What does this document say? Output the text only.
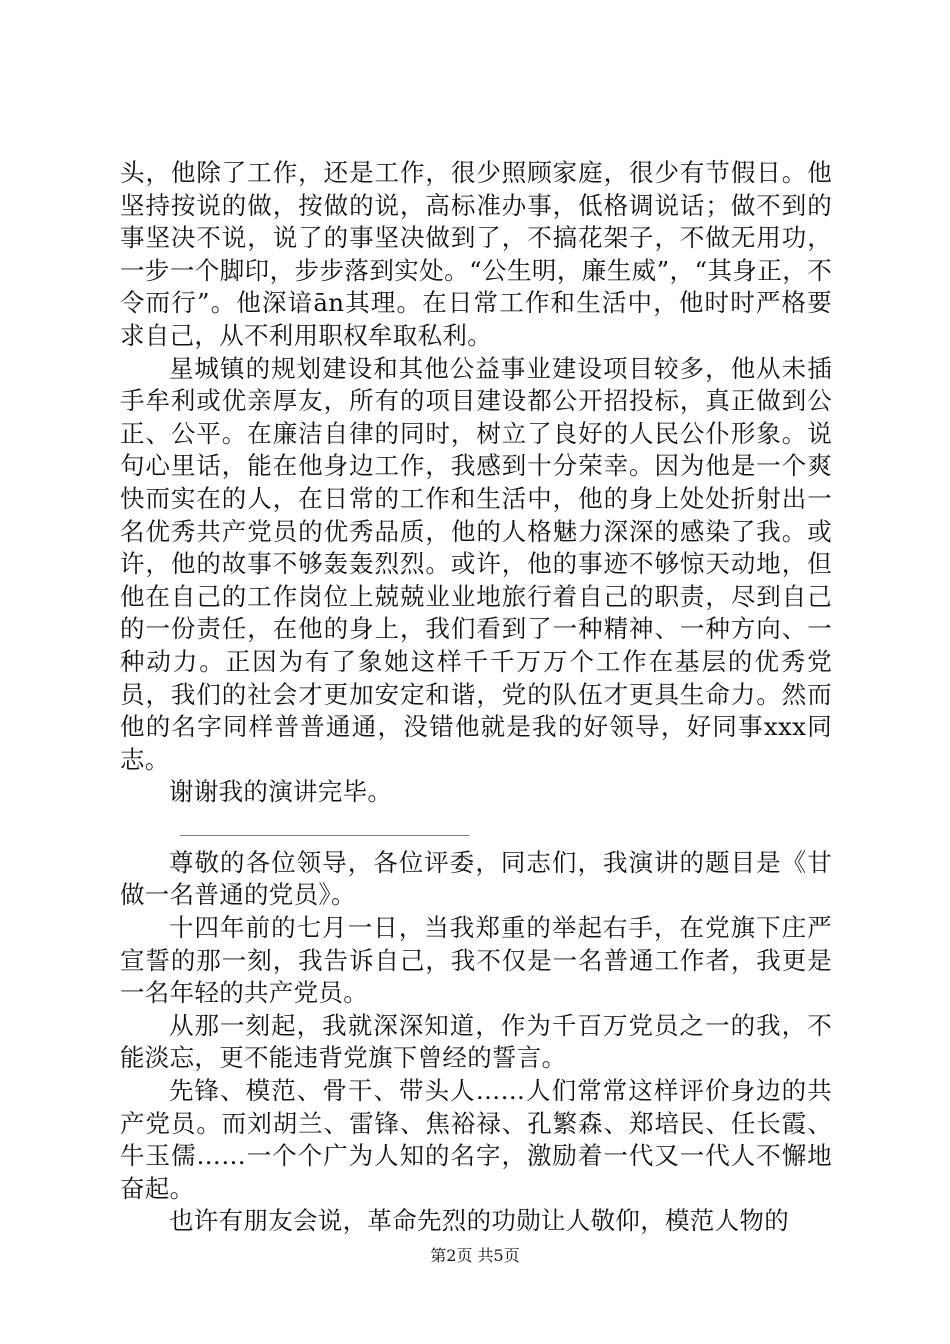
头，他除了工作，还是工作，很少照顾家庭，很少有节假日。他坚持按说的做，按做的说，高标准办事，低格调说话；做不到的事坚决不说，说了的事坚决做到了，不搞花架子，不做无用功，一步一个脚印，步步落到实处。“公生明，廉生威”，“其身正，不令而行”。他深谙ān其理。在日常工作和生活中，他时时严格要求自己，从不利用职权牟取私利。

星城镇的规划建设和其他公益事业建设项目较多，他从未插手牟利或优亲厚友，所有的项目建设都公开招投标，真正做到公正、公平。在廉洁自律的同时，树立了良好的人民公仆形象。说句心里话，能在他身边工作，我感到十分荣幸。因为他是一个爽快而实在的人，在日常的工作和生活中，他的身上处处折射出一名优秀共产党员的优秀品质，他的人格魅力深深的感染了我。或许，他的故事不够轰轰烈烈。或许，他的事迹不够惊天动地，但他在自己的工作岗位上兢兢业业地旅行着自己的职责，尽到自己的一份责任，在他的身上，我们看到了一种精神、一种方向、一种动力。正因为有了象她这样千千万万个工作在基层的优秀党员，我们的社会才更加安定和谐，党的队伍才更具生命力。然而他的名字同样普普通通，没错他就是我的好领导，好同事xxx同志。

谢谢我的演讲完毕。

________________________________

尊敬的各位领导，各位评委，同志们，我演讲的题目是《甘做一名普通的党员》。

十四年前的七月一日，当我郑重的举起右手，在党旗下庄严宣誓的那一刻，我告诉自己，我不仅是一名普通工作者，我更是一名年轻的共产党员。

从那一刻起，我就深深知道，作为千百万党员之一的我，不能淡忘，更不能违背党旗下曾经的誓言。

先锋、模范、骨干、带头人……人们常常这样评价身边的共产党员。而刘胡兰、雷锋、焦裕禄、孔繁森、郑培民、任长霞、牛玉儒……一个个广为人知的名字，激励着一代又一代人不懈地奋起。

也许有朋友会说，革命先烈的功勋让人敬仰，模范人物的

第2页 共5页
